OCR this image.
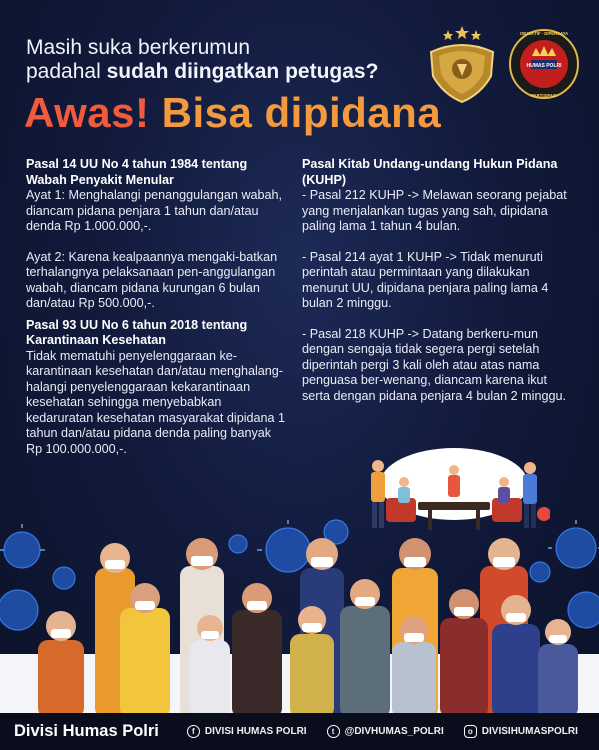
Masih suka berkerumun
padahal sudah diingatkan petugas?
Awas! Bisa dipidana
HUMAS POLRI
OBJEKTIF · DIPERCAYA
PARTISIPASI

Pasal 14 UU No 4 tahun 1984 tentang Wabah Penyakit Menular

Ayat 1: Menghalangi penanggulangan wabah, diancam pidana penjara 1 tahun dan/atau denda Rp 1.000.000,-.

Ayat 2: Karena kealpaannya mengaki-batkan terhalangnya pelaksanaan pen-anggulangan wabah, diancam pidana kurungan 6 bulan dan/atau Rp 500.000,-.

Pasal 93 UU No 6 tahun 2018 tentang Karantinaan Kesehatan

Tidak mematuhi penyelenggaraan ke-karantinaan kesehatan dan/atau menghalang-halangi penyelenggaraan kekarantinaan kesehatan sehingga menyebabkan kedaruratan kesehatan masyarakat dipidana 1 tahun dan/atau pidana denda paling banyak Rp 100.000.000,-.

Pasal Kitab Undang-undang Hukun Pidana (KUHP)

- Pasal 212 KUHP -> Melawan seorang pejabat yang menjalankan tugas yang sah, dipidana paling lama 1 tahun 4 bulan.

- Pasal 214 ayat 1 KUHP -> Tidak menuruti perintah atau permintaan yang dilakukan menurut UU, dipidana penjara paling lama 4 bulan 2 minggu.

- Pasal 218 KUHP -> Datang berkeru-mun dengan sengaja tidak segera pergi setelah diperintah pergi 3 kali oleh atau atas nama penguasa ber-wenang, diancam karena ikut serta dengan pidana penjara 4 bulan 2 minggu.

Divisi Humas Polri	f	DIVISI HUMAS POLRI	t	@DIVHUMAS_POLRI	o DIVISIHUMASPOLRI
